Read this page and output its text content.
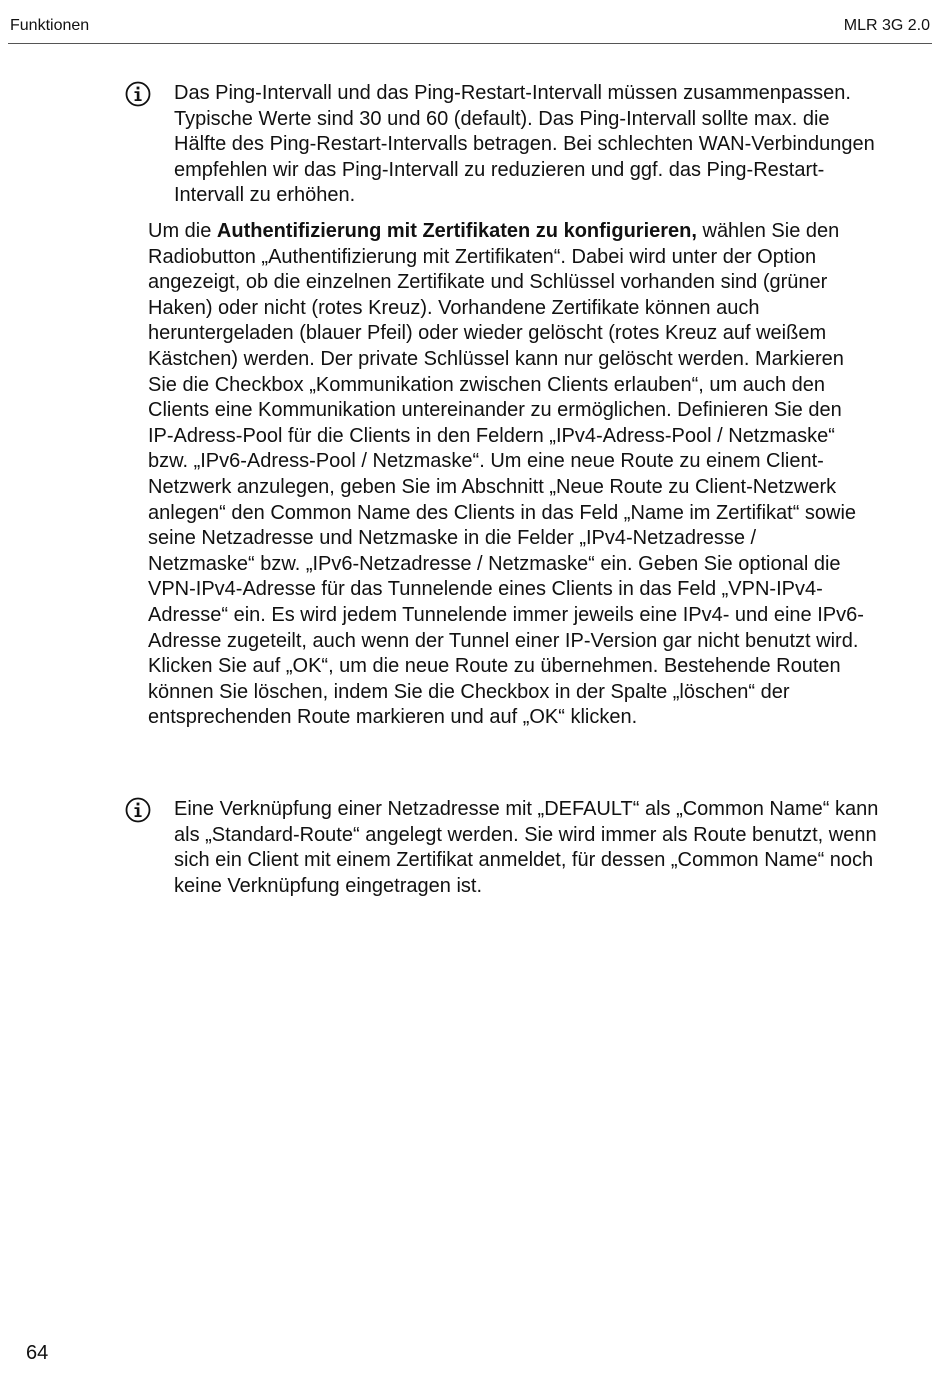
Funktionen	MLR 3G 2.0

Das Ping-Intervall und das Ping-Restart-Intervall müssen zusammenpassen. Typische Werte sind 30 und 60 (default). Das Ping-Intervall sollte max. die Hälfte des Ping-Restart-Intervalls betragen. Bei schlechten WAN-Verbindungen empfehlen wir das Ping-Intervall zu reduzieren und ggf. das Ping-Restart-Intervall zu erhöhen.

Um die Authentifizierung mit Zertifikaten zu konfigurieren, wählen Sie den Radiobutton „Authentifizierung mit Zertifikaten“. Dabei wird unter der Option angezeigt, ob die einzelnen Zertifikate und Schlüssel vorhanden sind (grüner Haken) oder nicht (rotes Kreuz). Vorhandene Zertifikate können auch heruntergeladen (blauer Pfeil) oder wieder gelöscht (rotes Kreuz auf weißem Kästchen) werden. Der private Schlüssel kann nur gelöscht werden. Markieren Sie die Checkbox „Kommunikation zwischen Clients erlauben“, um auch den Clients eine Kommunikation untereinander zu ermöglichen. Definieren Sie den IP-Adress-Pool für die Clients in den Feldern „IPv4-Adress-Pool / Netzmaske“ bzw. „IPv6-Adress-Pool / Netzmaske“. Um eine neue Route zu einem Client-Netzwerk anzulegen, geben Sie im Abschnitt „Neue Route zu Client-Netzwerk anlegen“ den Common Name des Clients in das Feld „Name im Zertifikat“ sowie seine Netzadresse und Netzmaske in die Felder „IPv4-Netzadresse / Netzmaske“ bzw. „IPv6-Netzadresse / Netzmaske“ ein. Geben Sie optional die VPN-IPv4-Adresse für das Tunnelende eines Clients in das Feld „VPN-IPv4-Adresse“ ein. Es wird jedem Tunnelende immer jeweils eine IPv4- und eine IPv6-Adresse zugeteilt, auch wenn der Tunnel einer IP-Version gar nicht benutzt wird. Klicken Sie auf „OK“, um die neue Route zu übernehmen. Bestehende Routen können Sie löschen, indem Sie die Checkbox in der Spalte „löschen“ der entsprechenden Route markieren und auf „OK“ klicken.

Eine Verknüpfung einer Netzadresse mit „DEFAULT“ als „Common Name“ kann als „Standard-Route“ angelegt werden. Sie wird immer als Route benutzt, wenn sich ein Client mit einem Zertifikat anmeldet, für dessen „Common Name“ noch keine Verknüpfung eingetragen ist.

64
